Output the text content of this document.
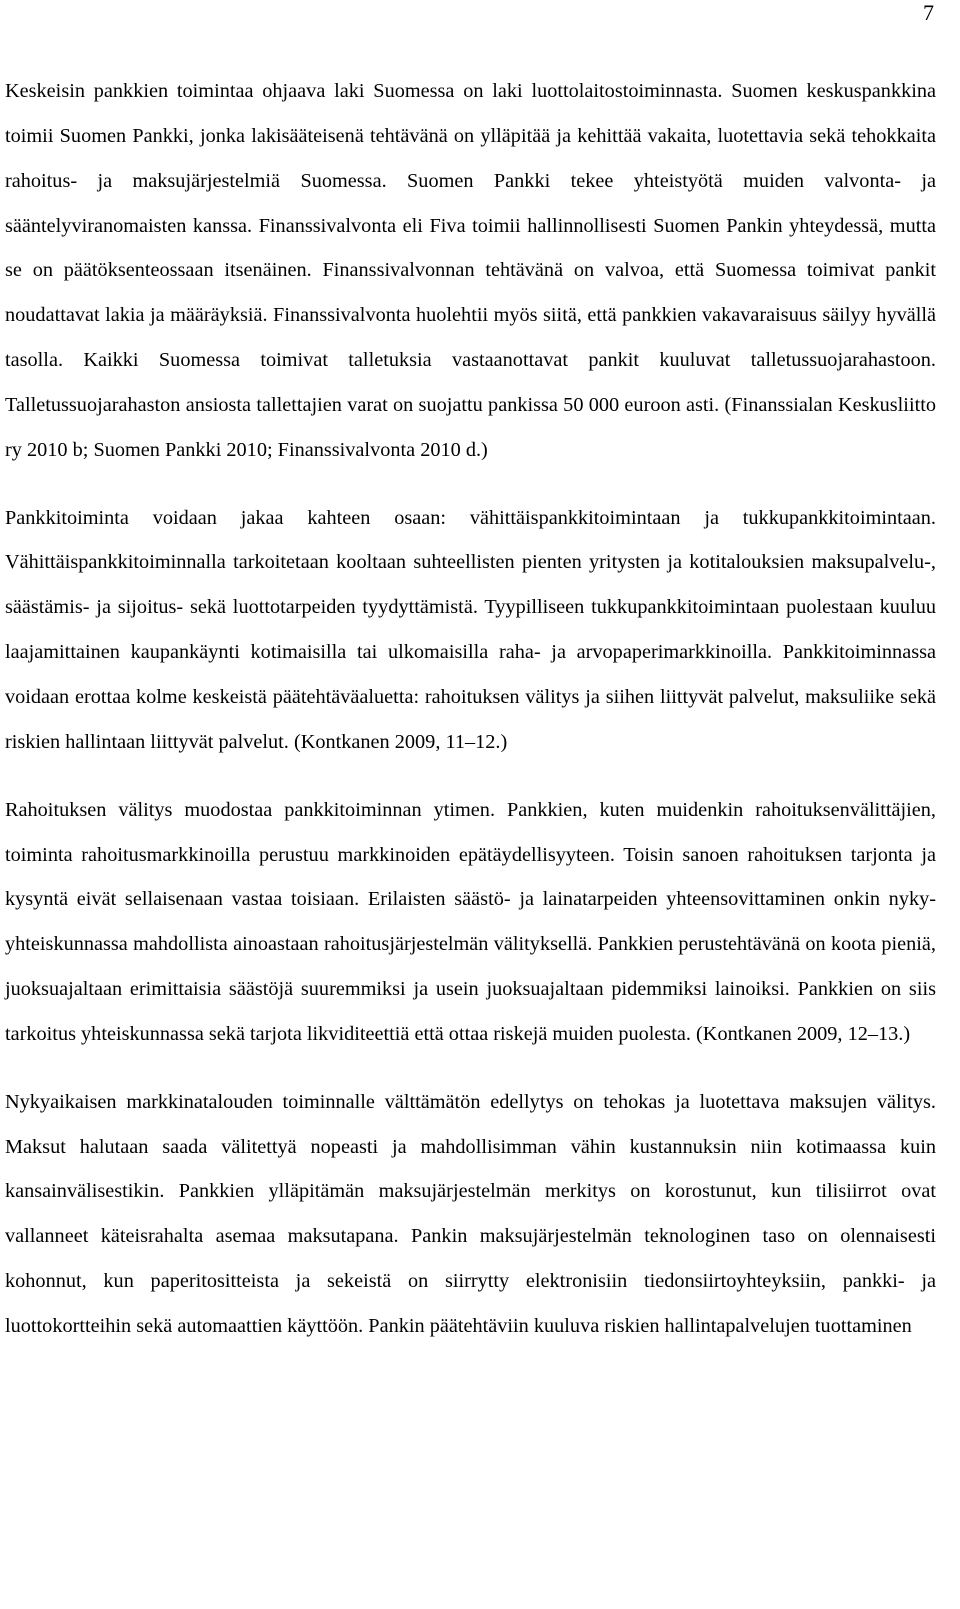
7

Keskeisin pankkien toimintaa ohjaava laki Suomessa on laki luottolaitostoiminnasta. Suomen keskuspankkina toimii Suomen Pankki, jonka lakisääteisenä tehtävänä on ylläpitää ja kehittää vakaita, luotettavia sekä tehokkaita rahoitus- ja maksujärjestelmiä Suomessa. Suomen Pankki tekee yhteistyötä muiden valvonta- ja sääntelyviranomaisten kanssa. Finanssivalvonta eli Fiva toimii hallinnollisesti Suomen Pankin yhteydessä, mutta se on päätöksenteossaan itsenäinen. Finanssivalvonnan tehtävänä on valvoa, että Suomessa toimivat pankit noudattavat lakia ja määräyksiä. Finanssivalvonta huolehtii myös siitä, että pankkien vakavaraisuus säilyy hyvällä tasolla. Kaikki Suomessa toimivat talletuksia vastaanottavat pankit kuuluvat talletussuojarahastoon. Talletussuojarahaston ansiosta tallettajien varat on suojattu pankissa 50 000 euroon asti. (Finanssialan Keskusliitto ry 2010 b; Suomen Pankki 2010; Finanssivalvonta 2010 d.)

Pankkitoiminta voidaan jakaa kahteen osaan: vähittäispankkitoimintaan ja tukkupankkitoimintaan. Vähittäispankkitoiminnalla tarkoitetaan kooltaan suhteellisten pienten yritysten ja kotitalouksien maksupalvelu-, säästämis- ja sijoitus- sekä luottotarpeiden tyydyttämistä. Tyypilliseen tukkupankkitoimintaan puolestaan kuuluu laajamittainen kaupankäynti kotimaisilla tai ulkomaisilla raha- ja arvopaperimarkkinoilla. Pankkitoiminnassa voidaan erottaa kolme keskeistä päätehtäväaluetta: rahoituksen välitys ja siihen liittyvät palvelut, maksuliike sekä riskien hallintaan liittyvät palvelut. (Kontkanen 2009, 11–12.)

Rahoituksen välitys muodostaa pankkitoiminnan ytimen. Pankkien, kuten muidenkin rahoituksenvälittäjien, toiminta rahoitusmarkkinoilla perustuu markkinoiden epätäydellisyyteen. Toisin sanoen rahoituksen tarjonta ja kysyntä eivät sellaisenaan vastaa toisiaan. Erilaisten säästö- ja lainatarpeiden yhteensovittaminen onkin nyky-yhteiskunnassa mahdollista ainoastaan rahoitusjärjestelmän välityksellä. Pankkien perustehtävänä on koota pieniä, juoksuajaltaan erimittaisia säästöjä suuremmiksi ja usein juoksuajaltaan pidemmiksi lainoiksi. Pankkien on siis tarkoitus yhteiskunnassa sekä tarjota likviditeettiä että ottaa riskejä muiden puolesta. (Kontkanen 2009, 12–13.)

Nykyaikaisen markkinatalouden toiminnalle välttämätön edellytys on tehokas ja luotettava maksujen välitys. Maksut halutaan saada välitettyä nopeasti ja mahdollisimman vähin kustannuksin niin kotimaassa kuin kansainvälisestikin. Pankkien ylläpitämän maksujärjestelmän merkitys on korostunut, kun tilisiirrot ovat vallanneet käteisrahalta asemaa maksutapana. Pankin maksujärjestelmän teknologinen taso on olennaisesti kohonnut, kun paperitositteista ja sekeistä on siirrytty elektronisiin tiedonsiirtoyhteyksiin, pankki- ja luottokortteihin sekä automaattien käyttöön. Pankin päätehtäviin kuuluva riskien hallintapalvelujen tuottaminen
